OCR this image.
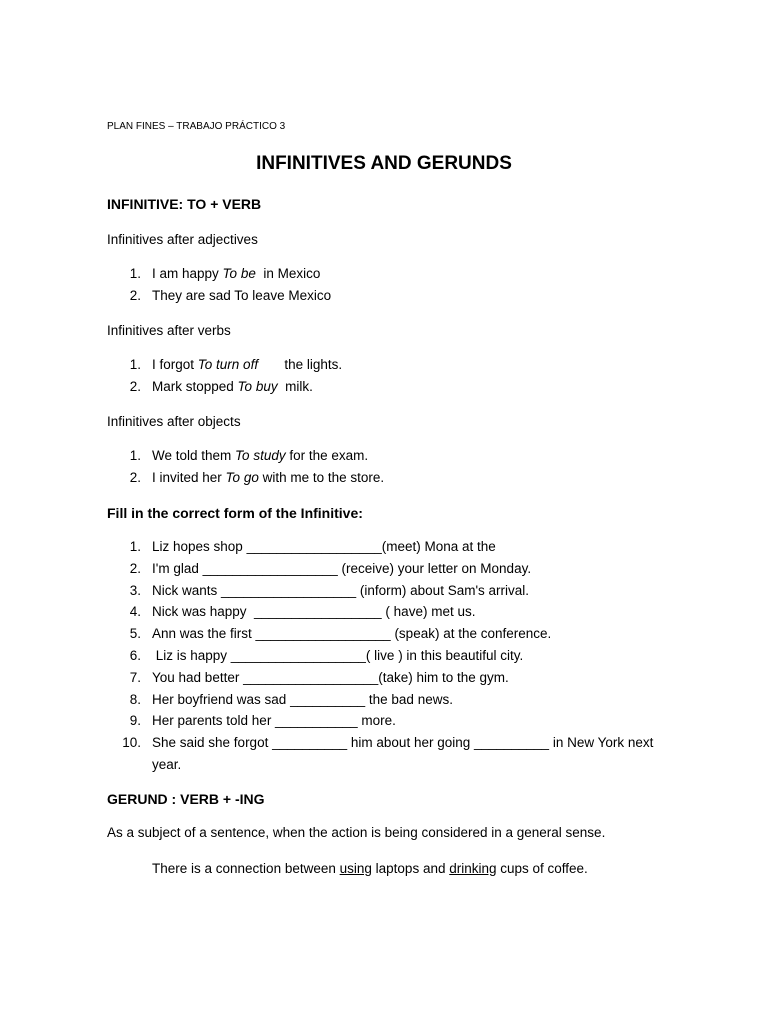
PLAN FINES – TRABAJO PRÁCTICO 3
INFINITIVES AND GERUNDS
INFINITIVE: TO + VERB
Infinitives after adjectives
1. I am happy To be  in Mexico
2. They are sad To leave Mexico
Infinitives after verbs
1. I forgot To turn off       the lights.
2. Mark stopped To buy  milk.
Infinitives after objects
1. We told them To study for the exam.
2. I invited her To go with me to the store.
Fill in the correct form of the Infinitive:
1. Liz hopes shop __________________(meet) Mona at the
2. I'm glad __________________ (receive) your letter on Monday.
3. Nick wants __________________ (inform) about Sam's arrival.
4. Nick was happy  _________________ ( have) met us.
5. Ann was the first __________________ (speak) at the conference.
6. Liz is happy __________________( live ) in this beautiful city.
7. You had better __________________(take) him to the gym.
8. Her boyfriend was sad __________ the bad news.
9. Her parents told her ___________ more.
10. She said she forgot __________ him about her going __________ in New York next year.
GERUND : VERB + -ING
As a subject of a sentence, when the action is being considered in a general sense.
There is a connection between using laptops and drinking cups of coffee.
